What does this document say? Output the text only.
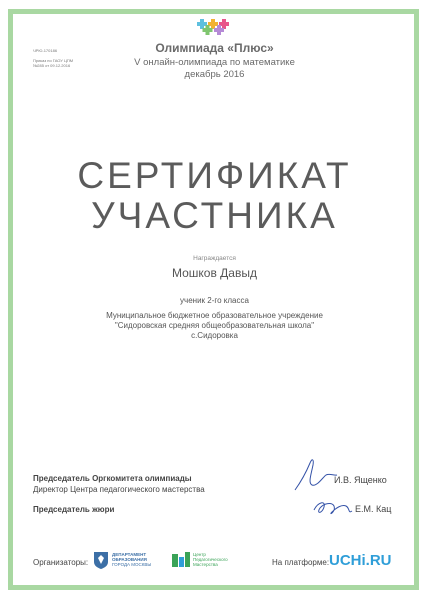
Олимпиада «Плюс»
V онлайн-олимпиада по математике
декабрь 2016
ЧРЮ-170186
Приказ по ГАОУ ЦПМ
№285 от 09.12.2016
СЕРТИФИКАТ
УЧАСТНИКА
Награждается
Мошков Давыд
ученик 2-го класса
Муниципальное бюджетное образовательное учреждение
"Сидоровская средняя общеобразовательная школа"
с.Сидоровка
Председатель Оргкомитета олимпиады
Директор Центра педагогического мастерства
И.В. Ященко
Председатель жюри	Е.М. Кац
Организаторы:
ДЕПАРТАМЕНТ
ОБРАЗОВАНИЯ
ГОРОДА МОСКВЫ
Центр
Педагогического
Мастерства	На платформе: UCHi.RU
